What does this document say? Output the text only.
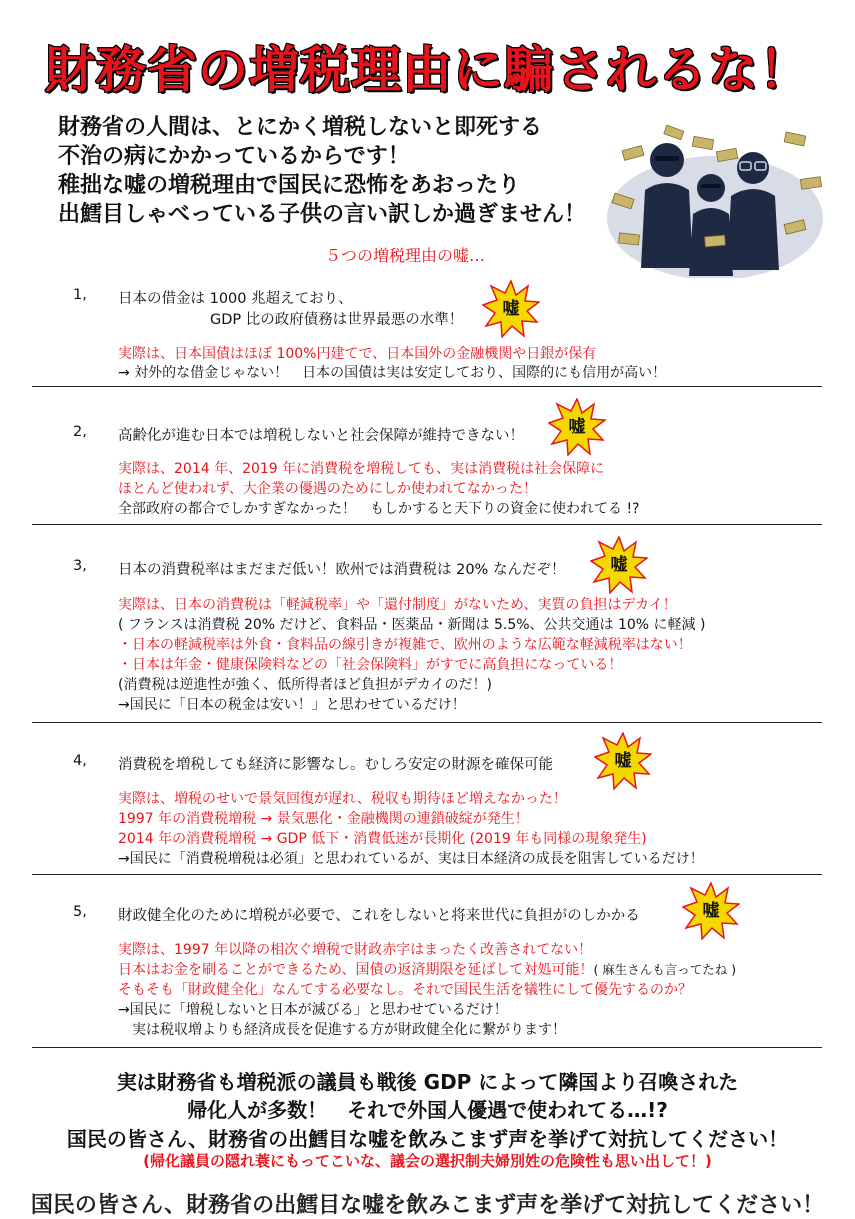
財務省の増税理由に騙されるな！
財務省の人間は、とにかく増税しないと即死する
不治の病にかかっているからです！
稚拙な嘘の増税理由で国民に恐怖をあおったり
出鱈目しゃべっている子供の言い訳しか過ぎません！
５つの増税理由の嘘…
1, 日本の借金は 1000 兆超えており、
GDP 比の政府債務は世界最悪の水準！
嘘
実際は、日本国債はほぼ 100%円建てで、日本国外の金融機関や日銀が保有
→ 対外的な借金じゃない！　日本の国債は実は安定しており、国際的にも信用が高い！
2, 高齢化が進む日本では増税しないと社会保障が維持できない！	嘘
実際は、2014 年、2019 年に消費税を増税しても、実は消費税は社会保障に
ほとんど使われず、大企業の優遇のためにしか使われてなかった！
全部政府の都合でしかすぎなかった！　もしかすると天下りの資金に使われてる !?
3, 日本の消費税率はまだまだ低い！欧州では消費税は 20% なんだぞ！	嘘
実際は、日本の消費税は「軽減税率」や「還付制度」がないため、実質の負担はデカイ！
( フランスは消費税 20% だけど、食料品・医薬品・新聞は 5.5%、公共交通は 10% に軽減 )
・日本の軽減税率は外食・食料品の線引きが複雑で、欧州のような広範な軽減税率はない！
・日本は年金・健康保険料などの「社会保険料」がすでに高負担になっている！
(消費税は逆進性が強く、低所得者ほど負担がデカイのだ！)
→国民に「日本の税金は安い！」と思わせているだけ！
4, 消費税を増税しても経済に影響なし。むしろ安定の財源を確保可能	嘘
実際は、増税のせいで景気回復が遅れ、税収も期待ほど増えなかった！
1997 年の消費税増税 → 景気悪化・金融機関の連鎖破綻が発生！
2014 年の消費税増税 → GDP 低下・消費低迷が長期化 (2019 年も同様の現象発生)
→国民に「消費税増税は必須」と思われているが、実は日本経済の成長を阻害しているだけ！
5, 財政健全化のために増税が必要で、これをしないと将来世代に負担がのしかかる	嘘
実際は、1997 年以降の相次ぐ増税で財政赤字はまったく改善されてない！
日本はお金を刷ることができるため、国債の返済期限を延ばして対処可能！( 麻生さんも言ってたね )
そもそも「財政健全化」なんてする必要なし。それで国民生活を犠牲にして優先するのか？
→国民に「増税しないと日本が滅びる」と思わせているだけ！
　実は税収増よりも経済成長を促進する方が財政健全化に繋がります！
実は財務省も増税派の議員も戦後 GDP によって隣国より召喚された
帰化人が多数！　それで外国人優遇で使われてる…!?
国民の皆さん、財務省の出鱈目な嘘を飲みこまず声を挙げて対抗してください！
(帰化議員の隠れ蓑にもってこいな、議会の選択制夫婦別姓の危険性も思い出して！)
国民の皆さん、財務省の出鱈目な嘘を飲みこまず声を挙げて対抗してください！
